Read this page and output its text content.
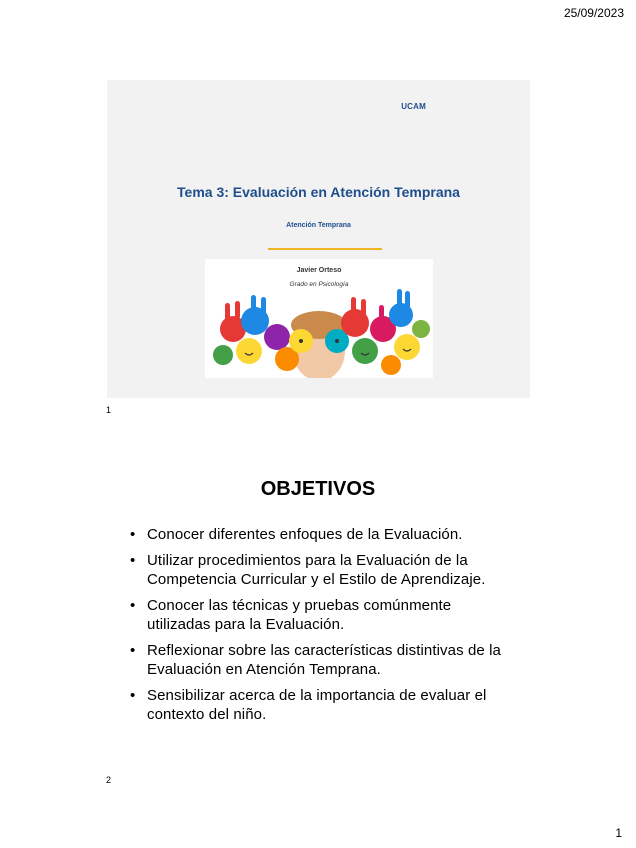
25/09/2023
UCAM
Tema 3: Evaluación en Atención Temprana
Atención Temprana
Javier Orteso
Grado en Psicología
1
OBJETIVOS
• Conocer diferentes enfoques de la Evaluación.
• Utilizar procedimientos para la Evaluación de la Competencia Curricular y el Estilo de Aprendizaje.
• Conocer las técnicas y pruebas comúnmente utilizadas para la Evaluación.
• Reflexionar sobre las características distintivas de la Evaluación en Atención Temprana.
• Sensibilizar acerca de la importancia de evaluar el contexto del niño.
2
1
